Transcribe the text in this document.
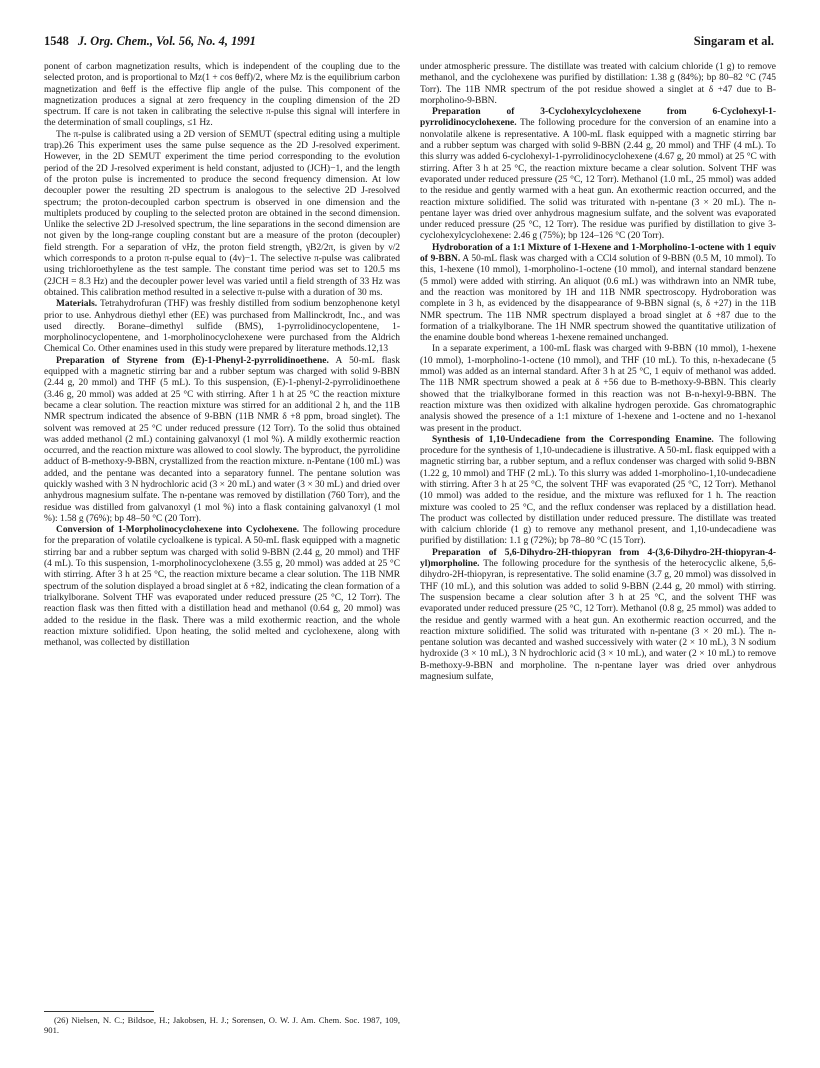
1548 J. Org. Chem., Vol. 56, No. 4, 1991	Singaram et al.

ponent of carbon magnetization results, which is independent of the coupling due to the selected proton, and is proportional to Mz(1 + cos θeff)/2, where Mz is the equilibrium carbon magnetization and θeff is the effective flip angle of the pulse. This component of the magnetization produces a signal at zero frequency in the coupling dimension of the 2D spectrum. If care is not taken in calibrating the selective π-pulse this signal will interfere in the determination of small couplings, ≤1 Hz.

The π-pulse is calibrated using a 2D version of SEMUT (spectral editing using a multiple trap).26 This experiment uses the same pulse sequence as the 2D J-resolved experiment. However, in the 2D SEMUT experiment the time period corresponding to the evolution period of the 2D J-resolved experiment is held constant, adjusted to (JCH)−1, and the length of the proton pulse is incremented to produce the second frequency dimension. At low decoupler power the resulting 2D spectrum is analogous to the selective 2D J-resolved spectrum; the proton-decoupled carbon spectrum is observed in one dimension and the multiplets produced by coupling to the selected proton are obtained in the second dimension. Unlike the selective 2D J-resolved spectrum, the line separations in the second dimension are not given by the long-range coupling constant but are a measure of the proton (decoupler) field strength. For a separation of νHz, the proton field strength, γB2/2π, is given by ν/2 which corresponds to a proton π-pulse equal to (4ν)−1. The selective π-pulse was calibrated using trichloroethylene as the test sample. The constant time period was set to 120.5 ms (2JCH = 8.3 Hz) and the decoupler power level was varied until a field strength of 33 Hz was obtained. This calibration method resulted in a selective π-pulse with a duration of 30 ms.

Materials. Tetrahydrofuran (THF) was freshly distilled from sodium benzophenone ketyl prior to use. Anhydrous diethyl ether (EE) was purchased from Mallinckrodt, Inc., and was used directly. Borane–dimethyl sulfide (BMS), 1-pyrrolidinocyclopentene, 1-morpholinocyclopentene, and 1-morpholinocyclohexene were purchased from the Aldrich Chemical Co. Other enamines used in this study were prepared by literature methods.12,13

Preparation of Styrene from (E)-1-Phenyl-2-pyrrolidinoethene. A 50-mL flask equipped with a magnetic stirring bar and a rubber septum was charged with solid 9-BBN (2.44 g, 20 mmol) and THF (5 mL). To this suspension, (E)-1-phenyl-2-pyrrolidinoethene (3.46 g, 20 mmol) was added at 25 °C with stirring. After 1 h at 25 °C the reaction mixture became a clear solution. The reaction mixture was stirred for an additional 2 h, and the 11B NMR spectrum indicated the absence of 9-BBN (11B NMR δ +8 ppm, broad singlet). The solvent was removed at 25 °C under reduced pressure (12 Torr). To the solid thus obtained was added methanol (2 mL) containing galvanoxyl (1 mol %). A mildly exothermic reaction occurred, and the reaction mixture was allowed to cool slowly. The byproduct, the pyrrolidine adduct of B-methoxy-9-BBN, crystallized from the reaction mixture. n-Pentane (100 mL) was added, and the pentane was decanted into a separatory funnel. The pentane solution was quickly washed with 3 N hydrochloric acid (3 × 20 mL) and water (3 × 30 mL) and dried over anhydrous magnesium sulfate. The n-pentane was removed by distillation (760 Torr), and the residue was distilled from galvanoxyl (1 mol %) into a flask containing galvanoxyl (1 mol %): 1.58 g (76%); bp 48–50 °C (20 Torr).

Conversion of 1-Morpholinocyclohexene into Cyclohexene. The following procedure for the preparation of volatile cycloalkene is typical. A 50-mL flask equipped with a magnetic stirring bar and a rubber septum was charged with solid 9-BBN (2.44 g, 20 mmol) and THF (4 mL). To this suspension, 1-morpholinocyclohexene (3.55 g, 20 mmol) was added at 25 °C with stirring. After 3 h at 25 °C, the reaction mixture became a clear solution. The 11B NMR spectrum of the solution displayed a broad singlet at δ +82, indicating the clean formation of a trialkylborane. Solvent THF was evaporated under reduced pressure (25 °C, 12 Torr). The reaction flask was then fitted with a distillation head and methanol (0.64 g, 20 mmol) was added to the residue in the flask. There was a mild exothermic reaction, and the whole reaction mixture solidified. Upon heating, the solid melted and cyclohexene, along with methanol, was collected by distillation

(26) Nielsen, N. C.; Bildsoe, H.; Jakobsen, H. J.; Sorensen, O. W. J. Am. Chem. Soc. 1987, 109, 901.

under atmospheric pressure. The distillate was treated with calcium chloride (1 g) to remove methanol, and the cyclohexene was purified by distillation: 1.38 g (84%); bp 80–82 °C (745 Torr). The 11B NMR spectrum of the pot residue showed a singlet at δ +47 due to B-morpholino-9-BBN.

Preparation of 3-Cyclohexylcyclohexene from 6-Cyclohexyl-1-pyrrolidinocyclohexene. The following procedure for the conversion of an enamine into a nonvolatile alkene is representative. A 100-mL flask equipped with a magnetic stirring bar and a rubber septum was charged with solid 9-BBN (2.44 g, 20 mmol) and THF (4 mL). To this slurry was added 6-cyclohexyl-1-pyrrolidinocyclohexene (4.67 g, 20 mmol) at 25 °C with stirring. After 3 h at 25 °C, the reaction mixture became a clear solution. Solvent THF was evaporated under reduced pressure (25 °C, 12 Torr). Methanol (1.0 mL, 25 mmol) was added to the residue and gently warmed with a heat gun. An exothermic reaction occurred, and the reaction mixture solidified. The solid was triturated with n-pentane (3 × 20 mL). The n-pentane layer was dried over anhydrous magnesium sulfate, and the solvent was evaporated under reduced pressure (25 °C, 12 Torr). The residue was purified by distillation to give 3-cyclohexylcyclohexene: 2.46 g (75%); bp 124–126 °C (20 Torr).

Hydroboration of a 1:1 Mixture of 1-Hexene and 1-Morpholino-1-octene with 1 equiv of 9-BBN. A 50-mL flask was charged with a CCl4 solution of 9-BBN (0.5 M, 10 mmol). To this, 1-hexene (10 mmol), 1-morpholino-1-octene (10 mmol), and internal standard benzene (5 mmol) were added with stirring. An aliquot (0.6 mL) was withdrawn into an NMR tube, and the reaction was monitored by 1H and 11B NMR spectroscopy. Hydroboration was complete in 3 h, as evidenced by the disappearance of 9-BBN signal (s, δ +27) in the 11B NMR spectrum. The 11B NMR spectrum displayed a broad singlet at δ +87 due to the formation of a trialkylborane. The 1H NMR spectrum showed the quantitative utilization of the enamine double bond whereas 1-hexene remained unchanged.

In a separate experiment, a 100-mL flask was charged with 9-BBN (10 mmol), 1-hexene (10 mmol), 1-morpholino-1-octene (10 mmol), and THF (10 mL). To this, n-hexadecane (5 mmol) was added as an internal standard. After 3 h at 25 °C, 1 equiv of methanol was added. The 11B NMR spectrum showed a peak at δ +56 due to B-methoxy-9-BBN. This clearly showed that the trialkylborane formed in this reaction was not B-n-hexyl-9-BBN. The reaction mixture was then oxidized with alkaline hydrogen peroxide. Gas chromatographic analysis showed the presence of a 1:1 mixture of 1-hexene and 1-octene and no 1-hexanol was present in the product.

Synthesis of 1,10-Undecadiene from the Corresponding Enamine. The following procedure for the synthesis of 1,10-undecadiene is illustrative. A 50-mL flask equipped with a magnetic stirring bar, a rubber septum, and a reflux condenser was charged with solid 9-BBN (1.22 g, 10 mmol) and THF (2 mL). To this slurry was added 1-morpholino-1,10-undecadiene with stirring. After 3 h at 25 °C, the solvent THF was evaporated (25 °C, 12 Torr). Methanol (10 mmol) was added to the residue, and the mixture was refluxed for 1 h. The reaction mixture was cooled to 25 °C, and the reflux condenser was replaced by a distillation head. The product was collected by distillation under reduced pressure. The distillate was treated with calcium chloride (1 g) to remove any methanol present, and 1,10-undecadiene was purified by distillation: 1.1 g (72%); bp 78–80 °C (15 Torr).

Preparation of 5,6-Dihydro-2H-thiopyran from 4-(3,6-Dihydro-2H-thiopyran-4-yl)morpholine. The following procedure for the synthesis of the heterocyclic alkene, 5,6-dihydro-2H-thiopyran, is representative. The solid enamine (3.7 g, 20 mmol) was dissolved in THF (10 mL), and this solution was added to solid 9-BBN (2.44 g, 20 mmol) with stirring. The suspension became a clear solution after 3 h at 25 °C, and the solvent THF was evaporated under reduced pressure (25 °C, 12 Torr). Methanol (0.8 g, 25 mmol) was added to the residue and gently warmed with a heat gun. An exothermic reaction occurred, and the reaction mixture solidified. The solid was triturated with n-pentane (3 × 20 mL). The n-pentane solution was decanted and washed successively with water (2 × 10 mL), 3 N sodium hydroxide (3 × 10 mL), 3 N hydrochloric acid (3 × 10 mL), and water (2 × 10 mL) to remove B-methoxy-9-BBN and morpholine. The n-pentane layer was dried over anhydrous magnesium sulfate,
